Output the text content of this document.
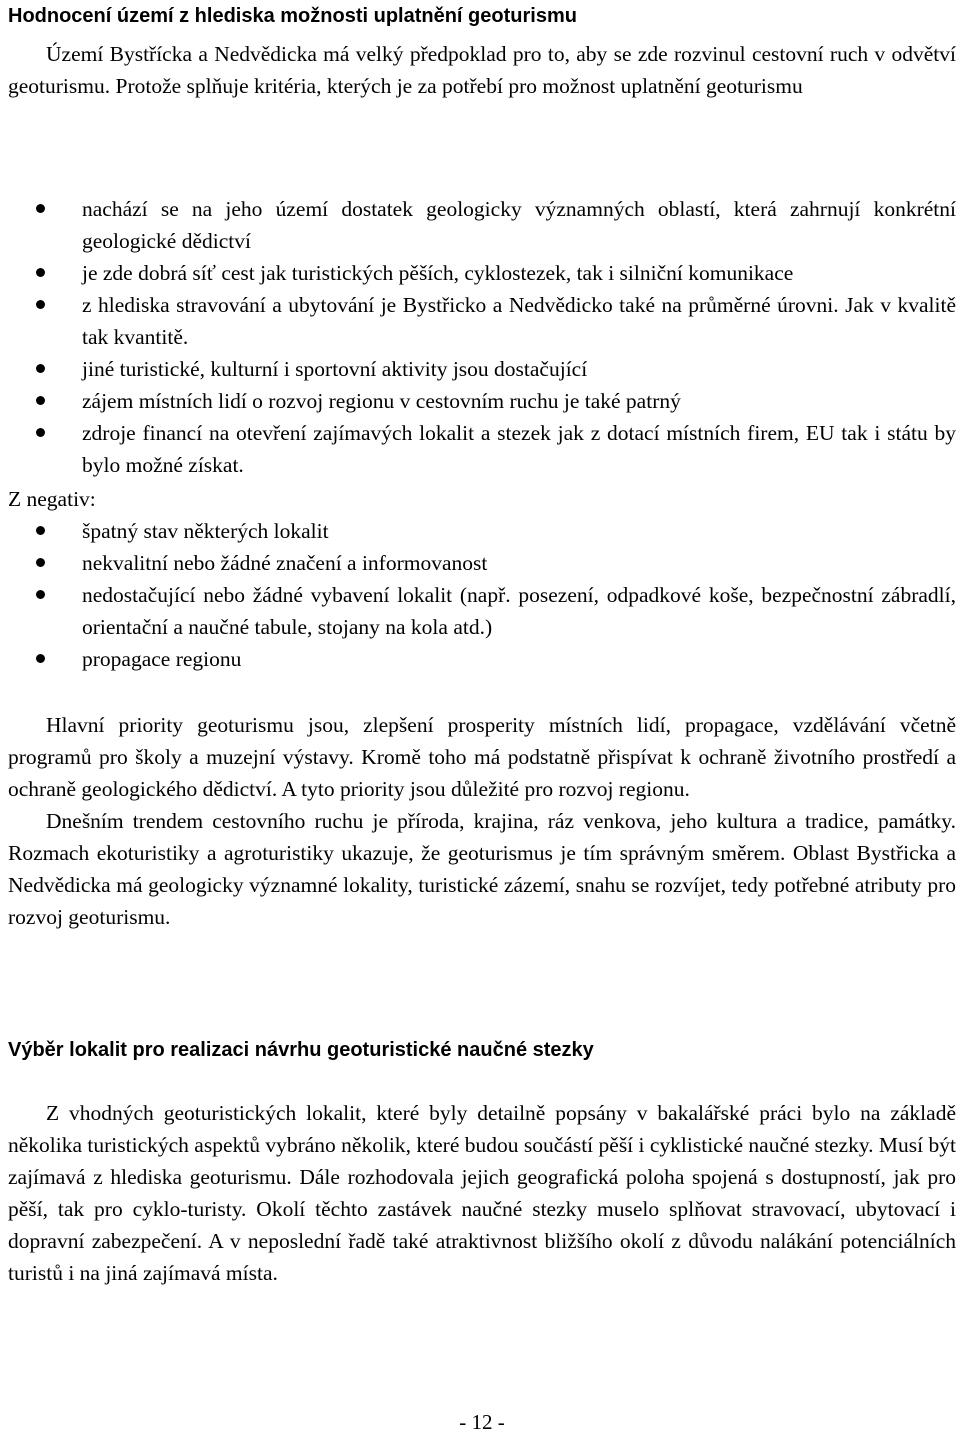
Hodnocení území z hlediska možnosti uplatnění geoturismu

Území Bystřícka a Nedvědicka má velký předpoklad pro to, aby se zde rozvinul cestovní ruch v odvětví geoturismu. Protože splňuje kritéria, kterých je za potřebí pro možnost uplatnění geoturismu

nachází se na jeho území dostatek geologicky významných oblastí, která zahrnují konkrétní geologické dědictví
je zde dobrá síť cest jak turistických pěších, cyklostezek, tak i silniční komunikace
z hlediska stravování a ubytování je Bystřicko a Nedvědicko také na průměrné úrovni. Jak v kvalitě tak kvantitě.
jiné turistické, kulturní i sportovní aktivity jsou dostačující
zájem místních lidí o rozvoj regionu v cestovním ruchu je také patrný
zdroje financí na otevření zajímavých lokalit a stezek jak z dotací místních firem, EU tak i státu by bylo možné získat.
Z negativ:
špatný stav některých lokalit
nekvalitní nebo žádné značení a informovanost
nedostačující nebo žádné vybavení lokalit (např. posezení, odpadkové koše, bezpečnostní zábradlí, orientační a naučné tabule, stojany na kola atd.)
propagace regionu

Hlavní priority geoturismu jsou, zlepšení prosperity místních lidí, propagace, vzdělávání včetně programů pro školy a muzejní výstavy. Kromě toho má podstatně přispívat k ochraně životního prostředí a ochraně geologického dědictví. A tyto priority jsou důležité pro rozvoj regionu.

Dnešním trendem cestovního ruchu je příroda, krajina, ráz venkova, jeho kultura a tradice, památky. Rozmach ekoturistiky a agroturistiky ukazuje, že geoturismus je tím správným směrem. Oblast Bystřicka a Nedvědicka má geologicky významné lokality, turistické zázemí, snahu se rozvíjet, tedy potřebné atributy pro rozvoj geoturismu.

Výběr lokalit pro realizaci návrhu geoturistické naučné stezky

Z vhodných geoturistických lokalit, které byly detailně popsány v bakalářské práci bylo na základě několika turistických aspektů vybráno několik, které budou součástí pěší i cyklistické naučné stezky. Musí být zajímavá z hlediska geoturismu. Dále rozhodovala jejich geografická poloha spojená s dostupností, jak pro pěší, tak pro cyklo-turisty. Okolí těchto zastávek naučné stezky muselo splňovat stravovací, ubytovací i dopravní zabezpečení. A v neposlední řadě také atraktivnost bližšího okolí z důvodu nalákání potenciálních turistů i na jiná zajímavá místa.

- 12 -
